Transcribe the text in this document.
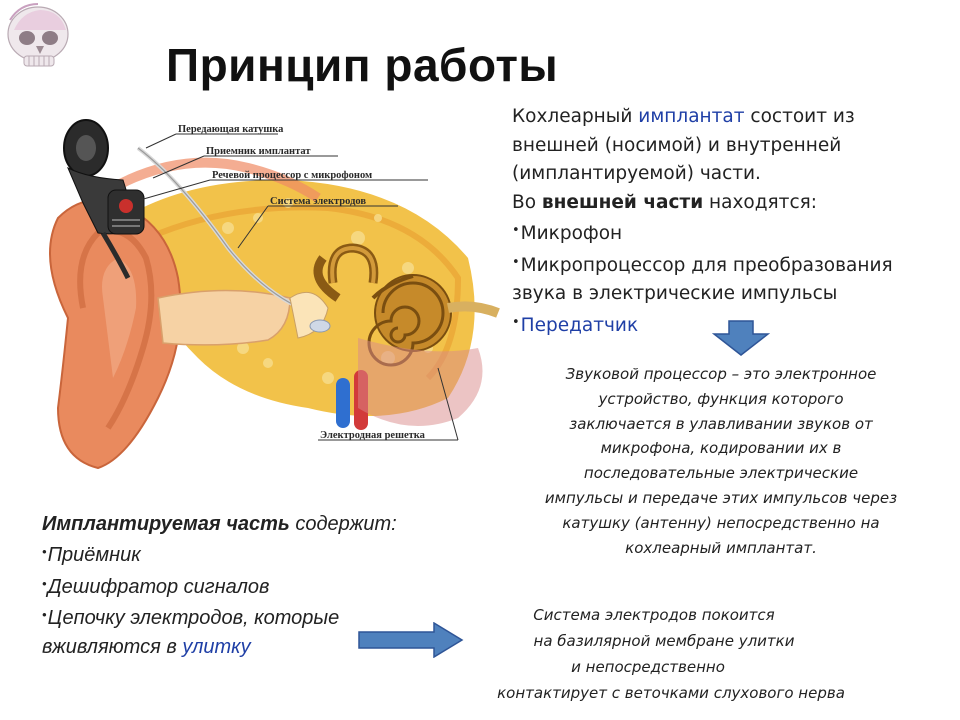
Принцип работы
Передающая катушка
Приемник имплантат
Речевой процессор с микрофоном
Система электродов
Электродная решетка
Кохлеарный имплантат состоит из
внешней (носимой) и внутренней
(имплантируемой) части.
Во внешней части находятся:
•Микрофон
•Микропроцессор для преобразования
звука в электрические импульсы
•Передатчик
Звуковой процессор – это электронное
устройство, функция которого
заключается в улавливании звуков от
микрофона, кодировании их в
последовательные электрические
импульсы и передаче этих импульсов через
катушку (антенну) непосредственно на
кохлеарный имплантат.
Имплантируемая часть содержит:
•Приёмник
•Дешифратор сигналов
•Цепочку электродов, которые
вживляются в улитку
Система электродов покоится
на базилярной мембране улитки
и непосредственно
контактирует с веточками слухового нерва
